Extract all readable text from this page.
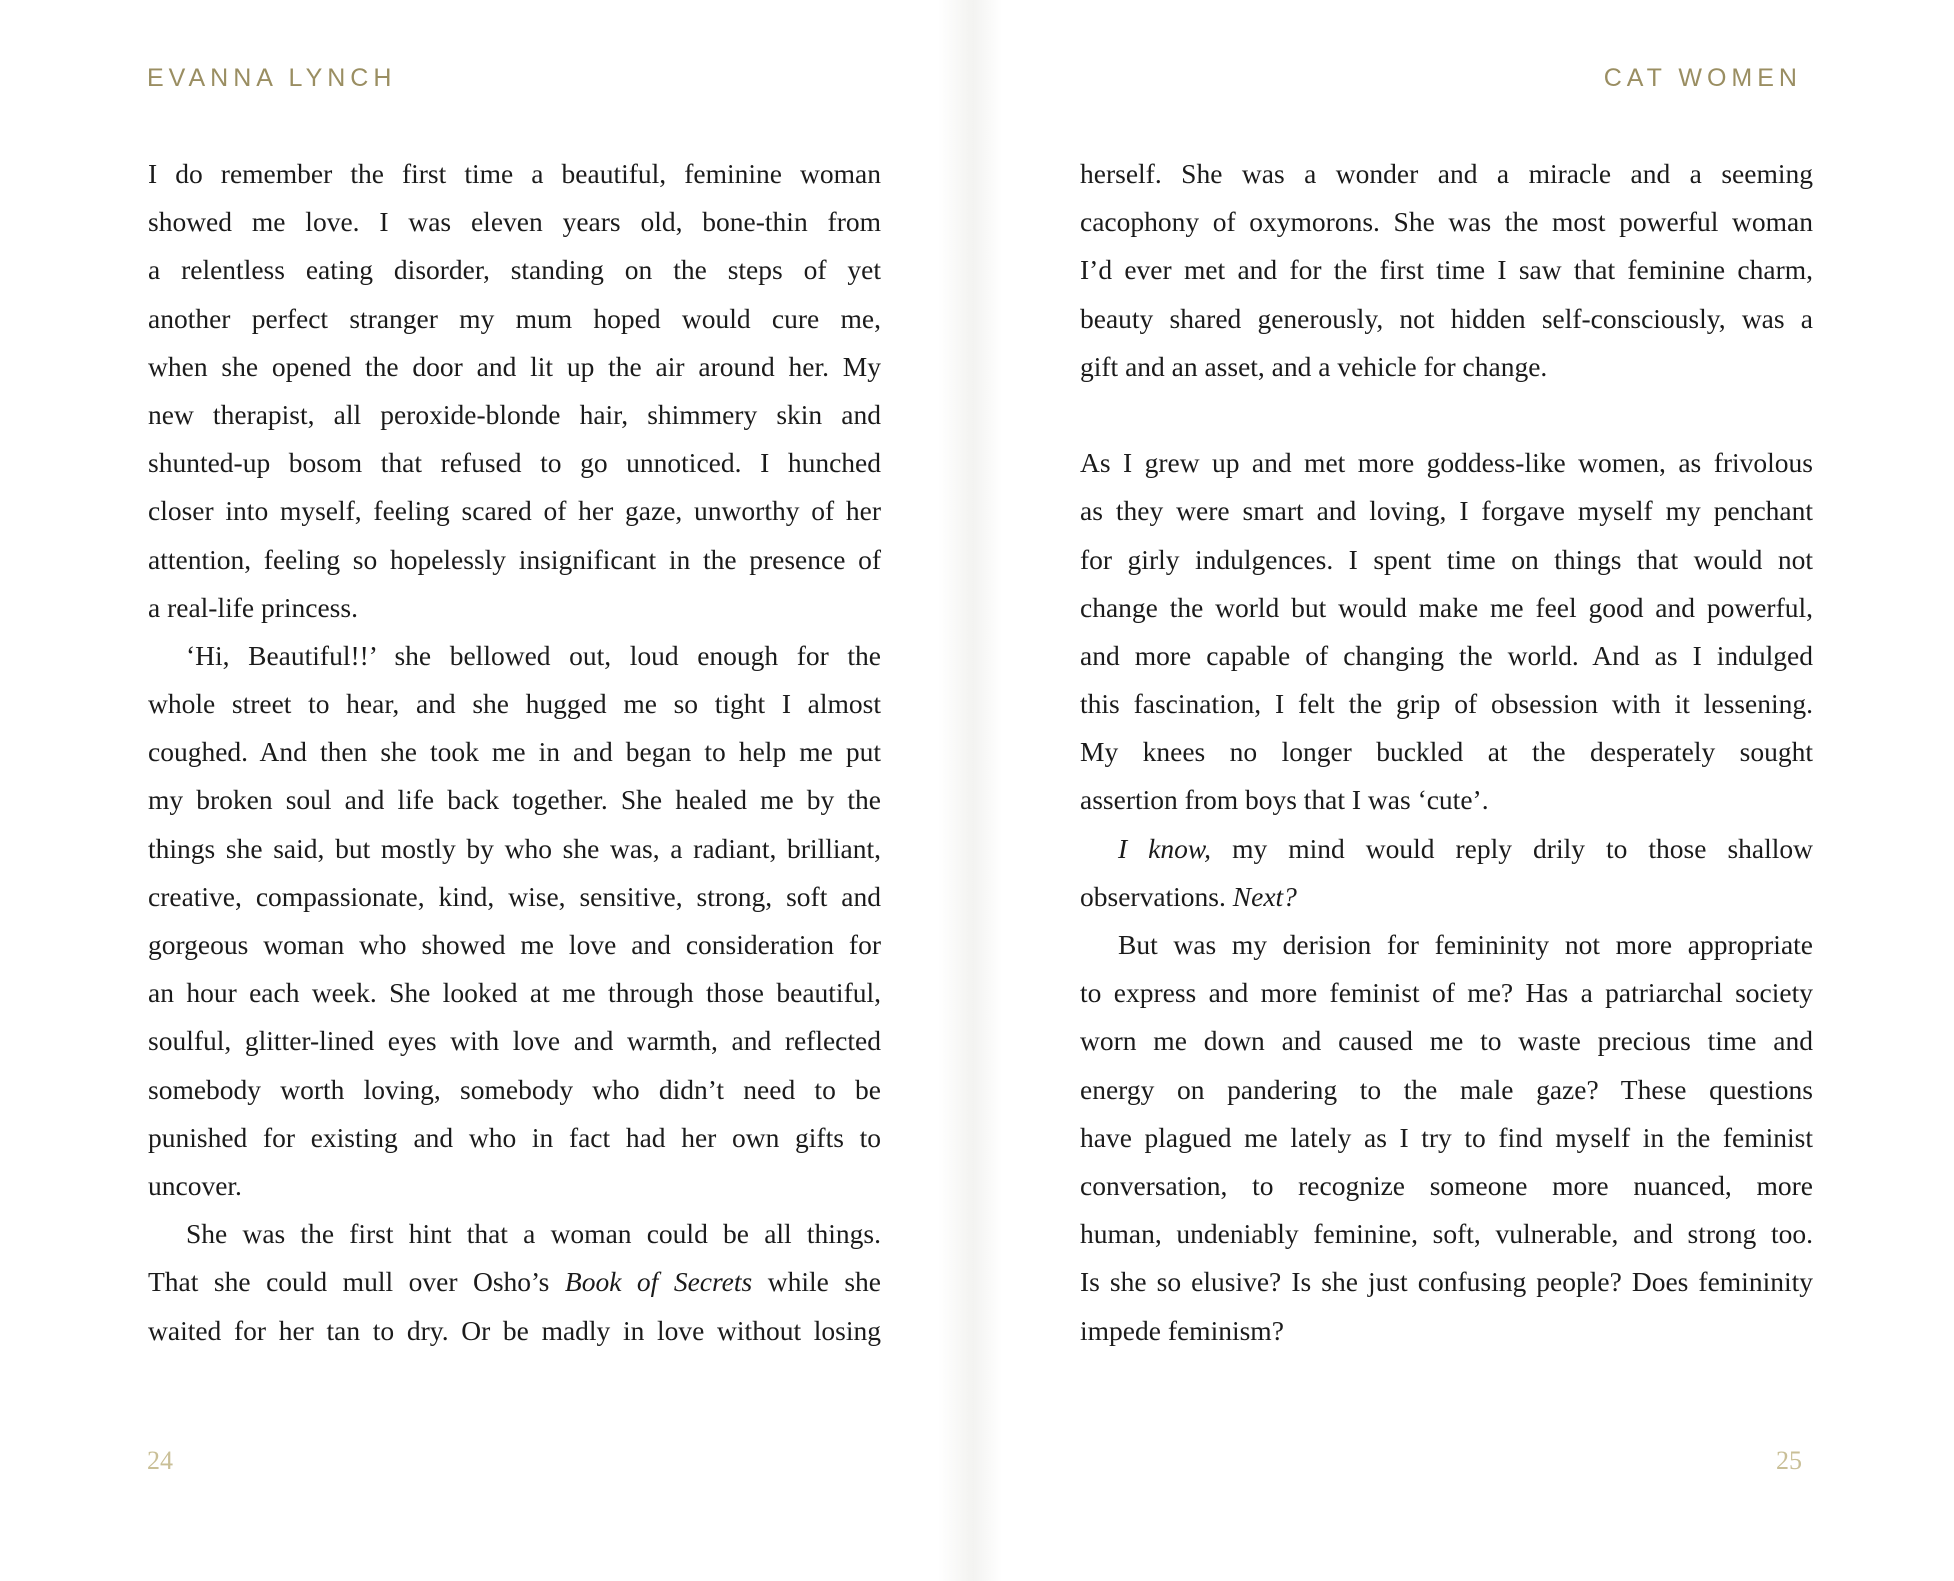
EVANNA LYNCH
I do remember the first time a beautiful, feminine woman
showed me love. I was eleven years old, bone-thin from
a relentless eating disorder, standing on the steps of yet
another perfect stranger my mum hoped would cure me,
when she opened the door and lit up the air around her. My
new therapist, all peroxide-blonde hair, shimmery skin and
shunted-up bosom that refused to go unnoticed. I hunched
closer into myself, feeling scared of her gaze, unworthy of her
attention, feeling so hopelessly insignificant in the presence of
a real-life princess.
‘Hi, Beautiful!!’ she bellowed out, loud enough for the
whole street to hear, and she hugged me so tight I almost
coughed. And then she took me in and began to help me put
my broken soul and life back together. She healed me by the
things she said, but mostly by who she was, a radiant, brilliant,
creative, compassionate, kind, wise, sensitive, strong, soft and
gorgeous woman who showed me love and consideration for
an hour each week. She looked at me through those beautiful,
soulful, glitter-lined eyes with love and warmth, and reflected
somebody worth loving, somebody who didn’t need to be
punished for existing and who in fact had her own gifts to
uncover.
She was the first hint that a woman could be all things.
That she could mull over Osho’s Book of Secrets while she
waited for her tan to dry. Or be madly in love without losing
24
CAT WOMEN
herself. She was a wonder and a miracle and a seeming
cacophony of oxymorons. She was the most powerful woman
I’d ever met and for the first time I saw that feminine charm,
beauty shared generously, not hidden self-consciously, was a
gift and an asset, and a vehicle for change.
As I grew up and met more goddess-like women, as frivolous
as they were smart and loving, I forgave myself my penchant
for girly indulgences. I spent time on things that would not
change the world but would make me feel good and powerful,
and more capable of changing the world. And as I indulged
this fascination, I felt the grip of obsession with it lessening.
My knees no longer buckled at the desperately sought
assertion from boys that I was ‘cute’.
I know, my mind would reply drily to those shallow
observations. Next?
But was my derision for femininity not more appropriate
to express and more feminist of me? Has a patriarchal society
worn me down and caused me to waste precious time and
energy on pandering to the male gaze? These questions
have plagued me lately as I try to find myself in the feminist
conversation, to recognize someone more nuanced, more
human, undeniably feminine, soft, vulnerable, and strong too.
Is she so elusive? Is she just confusing people? Does femininity
impede feminism?
25
